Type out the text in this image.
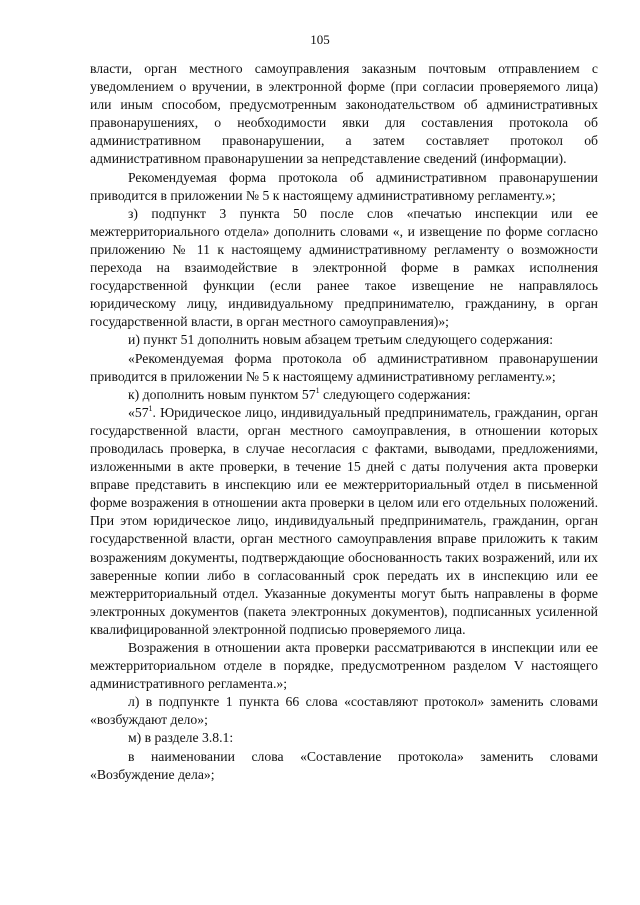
105

власти, орган местного самоуправления заказным почтовым отправлением с уведомлением о вручении, в электронной форме (при согласии проверяемого лица) или иным способом, предусмотренным законодательством об административных правонарушениях, о необходимости явки для составления протокола об административном правонарушении, а затем составляет протокол об административном правонарушении за непредставление сведений (информации).

Рекомендуемая форма протокола об административном правонарушении приводится в приложении № 5 к настоящему административному регламенту.»;

з) подпункт 3 пункта 50 после слов «печатью инспекции или ее межтерриториального отдела» дополнить словами «, и извещение по форме согласно приложению № 11 к настоящему административному регламенту о возможности перехода на взаимодействие в электронной форме в рамках исполнения государственной функции (если ранее такое извещение не направлялось юридическому лицу, индивидуальному предпринимателю, гражданину, в орган государственной власти, в орган местного самоуправления)»;

и) пункт 51 дополнить новым абзацем третьим следующего содержания:

«Рекомендуемая форма протокола об административном правонарушении приводится в приложении № 5 к настоящему административному регламенту.»;

к) дополнить новым пунктом $57^1$ следующего содержания:

«$57^1$. Юридическое лицо, индивидуальный предприниматель, гражданин, орган государственной власти, орган местного самоуправления, в отношении которых проводилась проверка, в случае несогласия с фактами, выводами, предложениями, изложенными в акте проверки, в течение 15 дней с даты получения акта проверки вправе представить в инспекцию или ее межтерриториальный отдел в письменной форме возражения в отношении акта проверки в целом или его отдельных положений. При этом юридическое лицо, индивидуальный предприниматель, гражданин, орган государственной власти, орган местного самоуправления вправе приложить к таким возражениям документы, подтверждающие обоснованность таких возражений, или их заверенные копии либо в согласованный срок передать их в инспекцию или ее межтерриториальный отдел. Указанные документы могут быть направлены в форме электронных документов (пакета электронных документов), подписанных усиленной квалифицированной электронной подписью проверяемого лица.

Возражения в отношении акта проверки рассматриваются в инспекции или ее межтерриториальном отделе в порядке, предусмотренном разделом V настоящего административного регламента.»;

л) в подпункте 1 пункта 66 слова «составляют протокол» заменить словами «возбуждают дело»;

м) в разделе 3.8.1:

в наименовании слова «Составление протокола» заменить словами «Возбуждение дела»;
